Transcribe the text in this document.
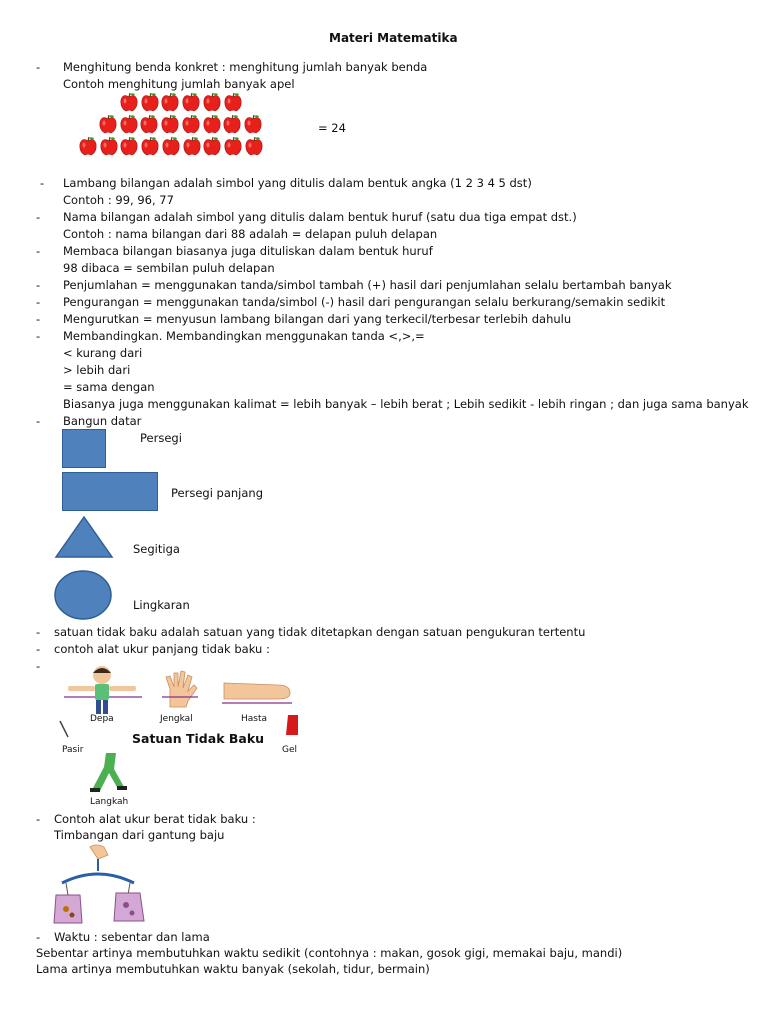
Materi Matematika
- Menghitung benda konkret : menghitung jumlah banyak benda
Contoh menghitung jumlah banyak apel
= 24
- Lambang bilangan adalah simbol yang ditulis dalam bentuk angka (1 2 3 4 5 dst)
Contoh : 99, 96, 77
- Nama bilangan adalah simbol yang ditulis dalam bentuk huruf (satu dua tiga empat dst.)
Contoh : nama bilangan dari 88 adalah = delapan puluh delapan
- Membaca bilangan biasanya juga dituliskan dalam bentuk huruf
98 dibaca = sembilan puluh delapan
- Penjumlahan = menggunakan tanda/simbol tambah (+) hasil dari penjumlahan selalu bertambah banyak
- Pengurangan = menggunakan tanda/simbol (-) hasil dari pengurangan selalu berkurang/semakin sedikit
- Mengurutkan = menyusun lambang bilangan dari yang terkecil/terbesar terlebih dahulu
- Membandingkan. Membandingkan menggunakan tanda <,>,=
< kurang dari
> lebih dari
= sama dengan
Biasanya juga menggunakan kalimat = lebih banyak – lebih berat ; Lebih sedikit - lebih ringan ; dan juga sama banyak
- Bangun datar
Persegi
Persegi panjang
Segitiga
Lingkaran
- satuan tidak baku adalah satuan yang tidak ditetapkan dengan satuan pengukuran tertentu
- contoh alat ukur panjang tidak baku :
-
Depa	Jengkal	Hasta
Pasir
Satuan Tidak Baku
Gel
Langkah
- Contoh alat ukur berat tidak baku :
Timbangan dari gantung baju
- Waktu : sebentar dan lama
Sebentar artinya membutuhkan waktu sedikit (contohnya : makan, gosok gigi, memakai baju, mandi)
Lama artinya membutuhkan waktu banyak (sekolah, tidur, bermain)
